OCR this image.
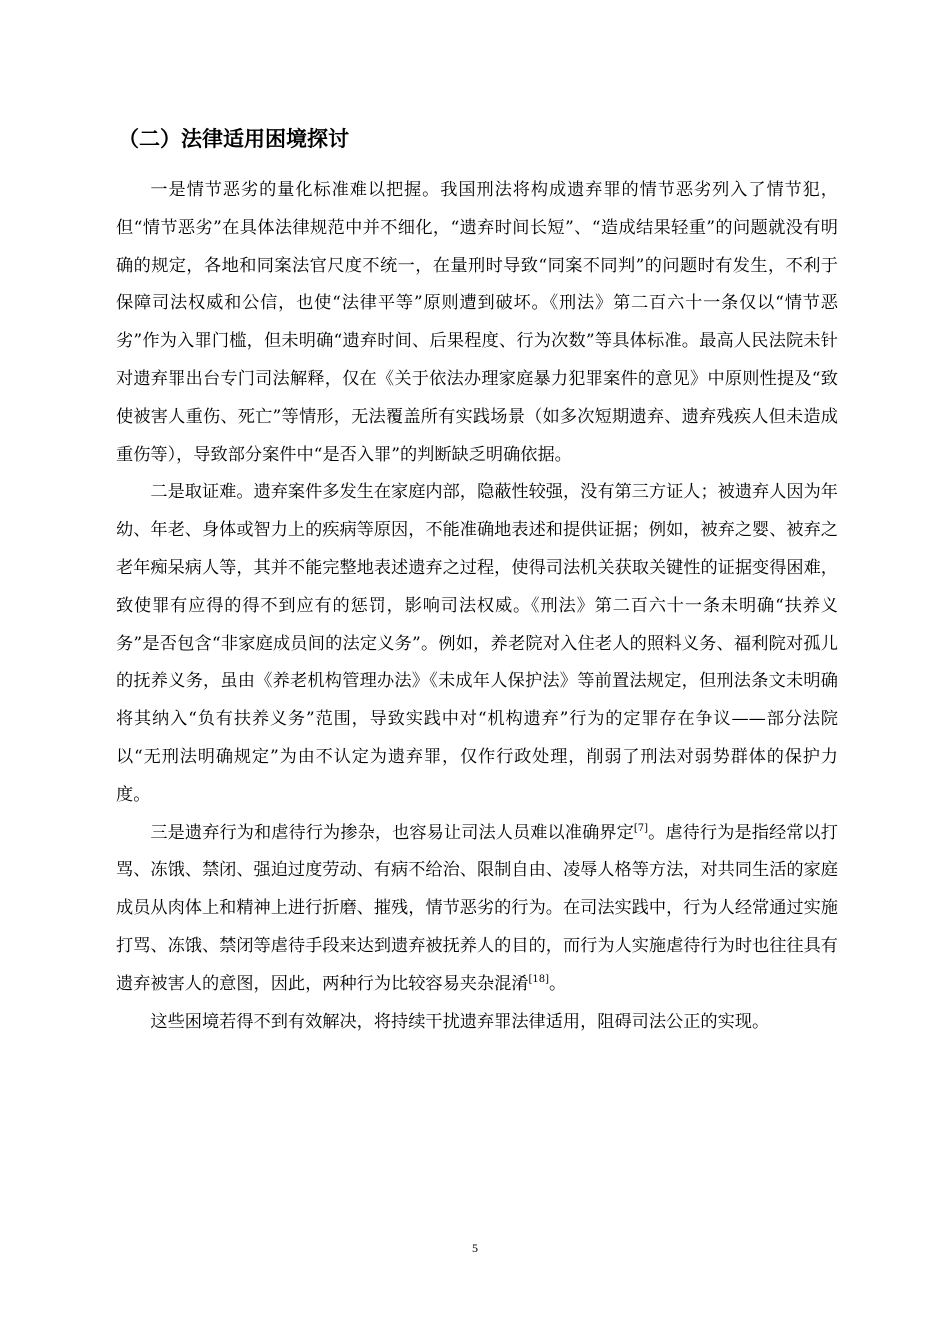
（二）法律适用困境探讨

一是情节恶劣的量化标准难以把握。我国刑法将构成遗弃罪的情节恶劣列入了情节犯，但“情节恶劣”在具体法律规范中并不细化，“遗弃时间长短”、“造成结果轻重”的问题就没有明确的规定，各地和同案法官尺度不统一，在量刑时导致“同案不同判”的问题时有发生，不利于保障司法权威和公信，也使“法律平等”原则遭到破坏。《刑法》第二百六十一条仅以“情节恶劣”作为入罪门槛，但未明确“遗弃时间、后果程度、行为次数”等具体标准。最高人民法院未针对遗弃罪出台专门司法解释，仅在《关于依法办理家庭暴力犯罪案件的意见》中原则性提及“致使被害人重伤、死亡”等情形，无法覆盖所有实践场景（如多次短期遗弃、遗弃残疾人但未造成重伤等），导致部分案件中“是否入罪”的判断缺乏明确依据。

二是取证难。遗弃案件多发生在家庭内部，隐蔽性较强，没有第三方证人；被遗弃人因为年幼、年老、身体或智力上的疾病等原因，不能准确地表述和提供证据；例如，被弃之婴、被弃之老年痴呆病人等，其并不能完整地表述遗弃之过程，使得司法机关获取关键性的证据变得困难，致使罪有应得的得不到应有的惩罚，影响司法权威。《刑法》第二百六十一条未明确“扶养义务”是否包含“非家庭成员间的法定义务”。例如，养老院对入住老人的照料义务、福利院对孤儿的抚养义务，虽由《养老机构管理办法》《未成年人保护法》等前置法规定，但刑法条文未明确将其纳入“负有扶养义务”范围，导致实践中对“机构遗弃”行为的定罪存在争议——部分法院以“无刑法明确规定”为由不认定为遗弃罪，仅作行政处理，削弱了刑法对弱势群体的保护力度。

三是遗弃行为和虐待行为掺杂，也容易让司法人员难以准确界定[7]。虐待行为是指经常以打骂、冻饿、禁闭、强迫过度劳动、有病不给治、限制自由、凌辱人格等方法，对共同生活的家庭成员从肉体上和精神上进行折磨、摧残，情节恶劣的行为。在司法实践中，行为人经常通过实施打骂、冻饿、禁闭等虐待手段来达到遗弃被抚养人的目的，而行为人实施虐待行为时也往往具有遗弃被害人的意图，因此，两种行为比较容易夹杂混淆[18]。

这些困境若得不到有效解决，将持续干扰遗弃罪法律适用，阻碍司法公正的实现。

5
